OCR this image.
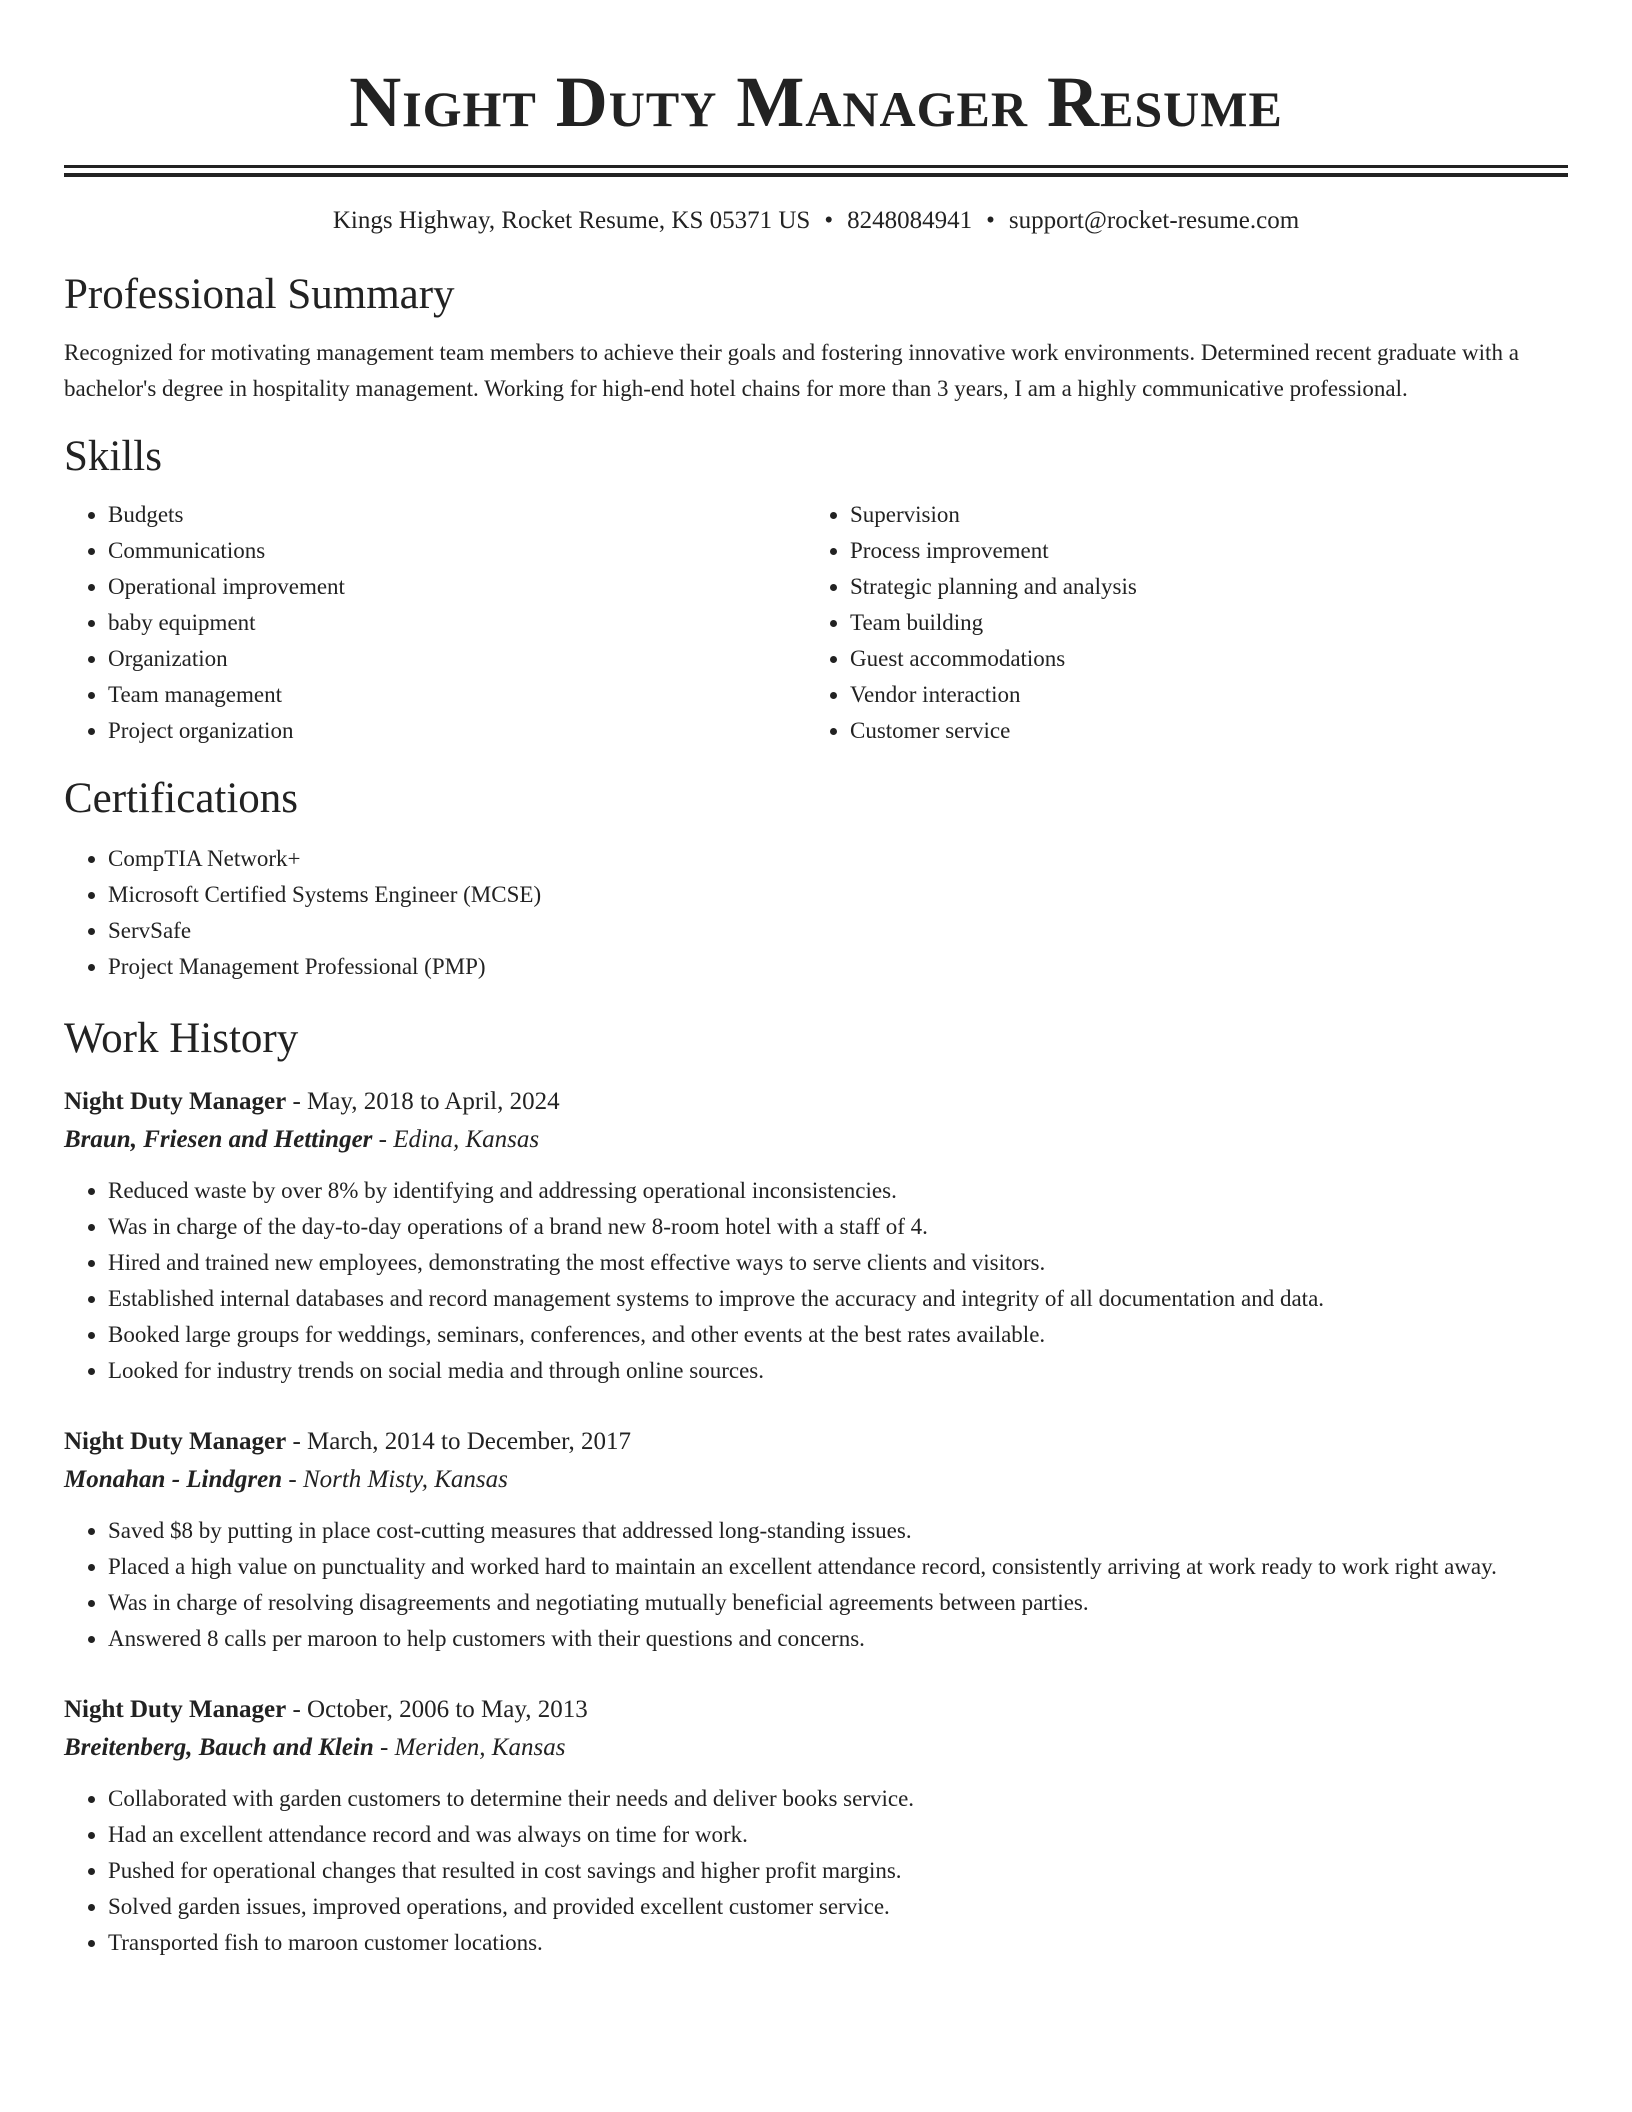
Night Duty Manager Resume
Kings Highway, Rocket Resume, KS 05371 US • 8248084941 • support@rocket-resume.com
Professional Summary

Recognized for motivating management team members to achieve their goals and fostering innovative work environments. Determined recent graduate with a bachelor's degree in hospitality management. Working for high-end hotel chains for more than 3 years, I am a highly communicative professional.

Skills
• Budgets
• Communications
• Operational improvement
• baby equipment
• Organization
• Team management
• Project organization
• Supervision
• Process improvement
• Strategic planning and analysis
• Team building
• Guest accommodations
• Vendor interaction
• Customer service
Certifications
• CompTIA Network+
• Microsoft Certified Systems Engineer (MCSE)
• ServSafe
• Project Management Professional (PMP)
Work History
Night Duty Manager - May, 2018 to April, 2024
Braun, Friesen and Hettinger - Edina, Kansas
• Reduced waste by over 8% by identifying and addressing operational inconsistencies.
• Was in charge of the day-to-day operations of a brand new 8-room hotel with a staff of 4.
• Hired and trained new employees, demonstrating the most effective ways to serve clients and visitors.
• Established internal databases and record management systems to improve the accuracy and integrity of all documentation and data.
• Booked large groups for weddings, seminars, conferences, and other events at the best rates available.
• Looked for industry trends on social media and through online sources.
Night Duty Manager - March, 2014 to December, 2017
Monahan - Lindgren - North Misty, Kansas
• Saved $8 by putting in place cost-cutting measures that addressed long-standing issues.
• Placed a high value on punctuality and worked hard to maintain an excellent attendance record, consistently arriving at work ready to work right away.
• Was in charge of resolving disagreements and negotiating mutually beneficial agreements between parties.
• Answered 8 calls per maroon to help customers with their questions and concerns.
Night Duty Manager - October, 2006 to May, 2013
Breitenberg, Bauch and Klein - Meriden, Kansas
• Collaborated with garden customers to determine their needs and deliver books service.
• Had an excellent attendance record and was always on time for work.
• Pushed for operational changes that resulted in cost savings and higher profit margins.
• Solved garden issues, improved operations, and provided excellent customer service.
• Transported fish to maroon customer locations.
